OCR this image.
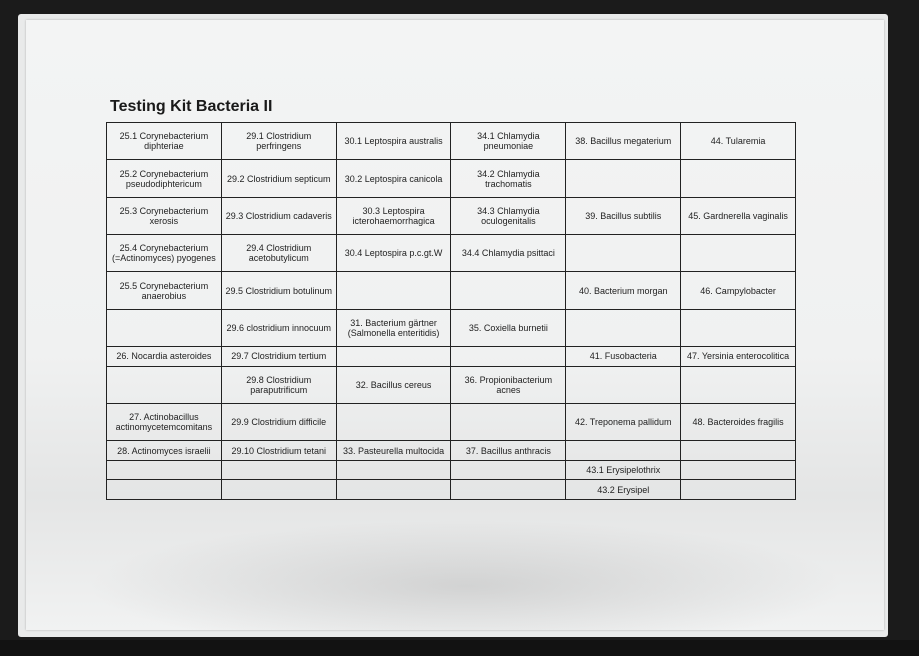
Testing Kit Bacteria II
25.1 Corynebacterium diphteriae	29.1 Clostridium perfringens	30.1 Leptospira australis	34.1 Chlamydia pneumoniae	38. Bacillus megaterium	44. Tularemia
25.2 Corynebacterium pseudodiphtericum	29.2 Clostridium septicum	30.2 Leptospira canicola	34.2 Chlamydia trachomatis		
25.3 Corynebacterium xerosis	29.3 Clostridium cadaveris	30.3 Leptospira icterohaemorrhagica	34.3 Chlamydia oculogenitalis	39. Bacillus subtilis	45. Gardnerella vaginalis
25.4 Corynebacterium (=Actinomyces) pyogenes	29.4 Clostridium acetobutylicum	30.4 Leptospira p.c.gt.W	34.4 Chlamydia psittaci		
25.5 Corynebacterium anaerobius	29.5 Clostridium botulinum			40. Bacterium morgan	46. Campylobacter
	29.6 clostridium innocuum	31. Bacterium gärtner (Salmonella enteritidis)	35. Coxiella burnetii		
26. Nocardia asteroides	29.7 Clostridium tertium			41. Fusobacteria	47. Yersinia enterocolitica
	29.8 Clostridium paraputrificum	32. Bacillus cereus	36. Propionibacterium acnes		
27. Actinobacillus actinomycetemcomitans	29.9 Clostridium difficile			42. Treponema pallidum	48. Bacteroides fragilis
28. Actinomyces israelii	29.10 Clostridium tetani	33. Pasteurella multocida	37. Bacillus anthracis		
				43.1 Erysipelothrix	
				43.2 Erysipel	
